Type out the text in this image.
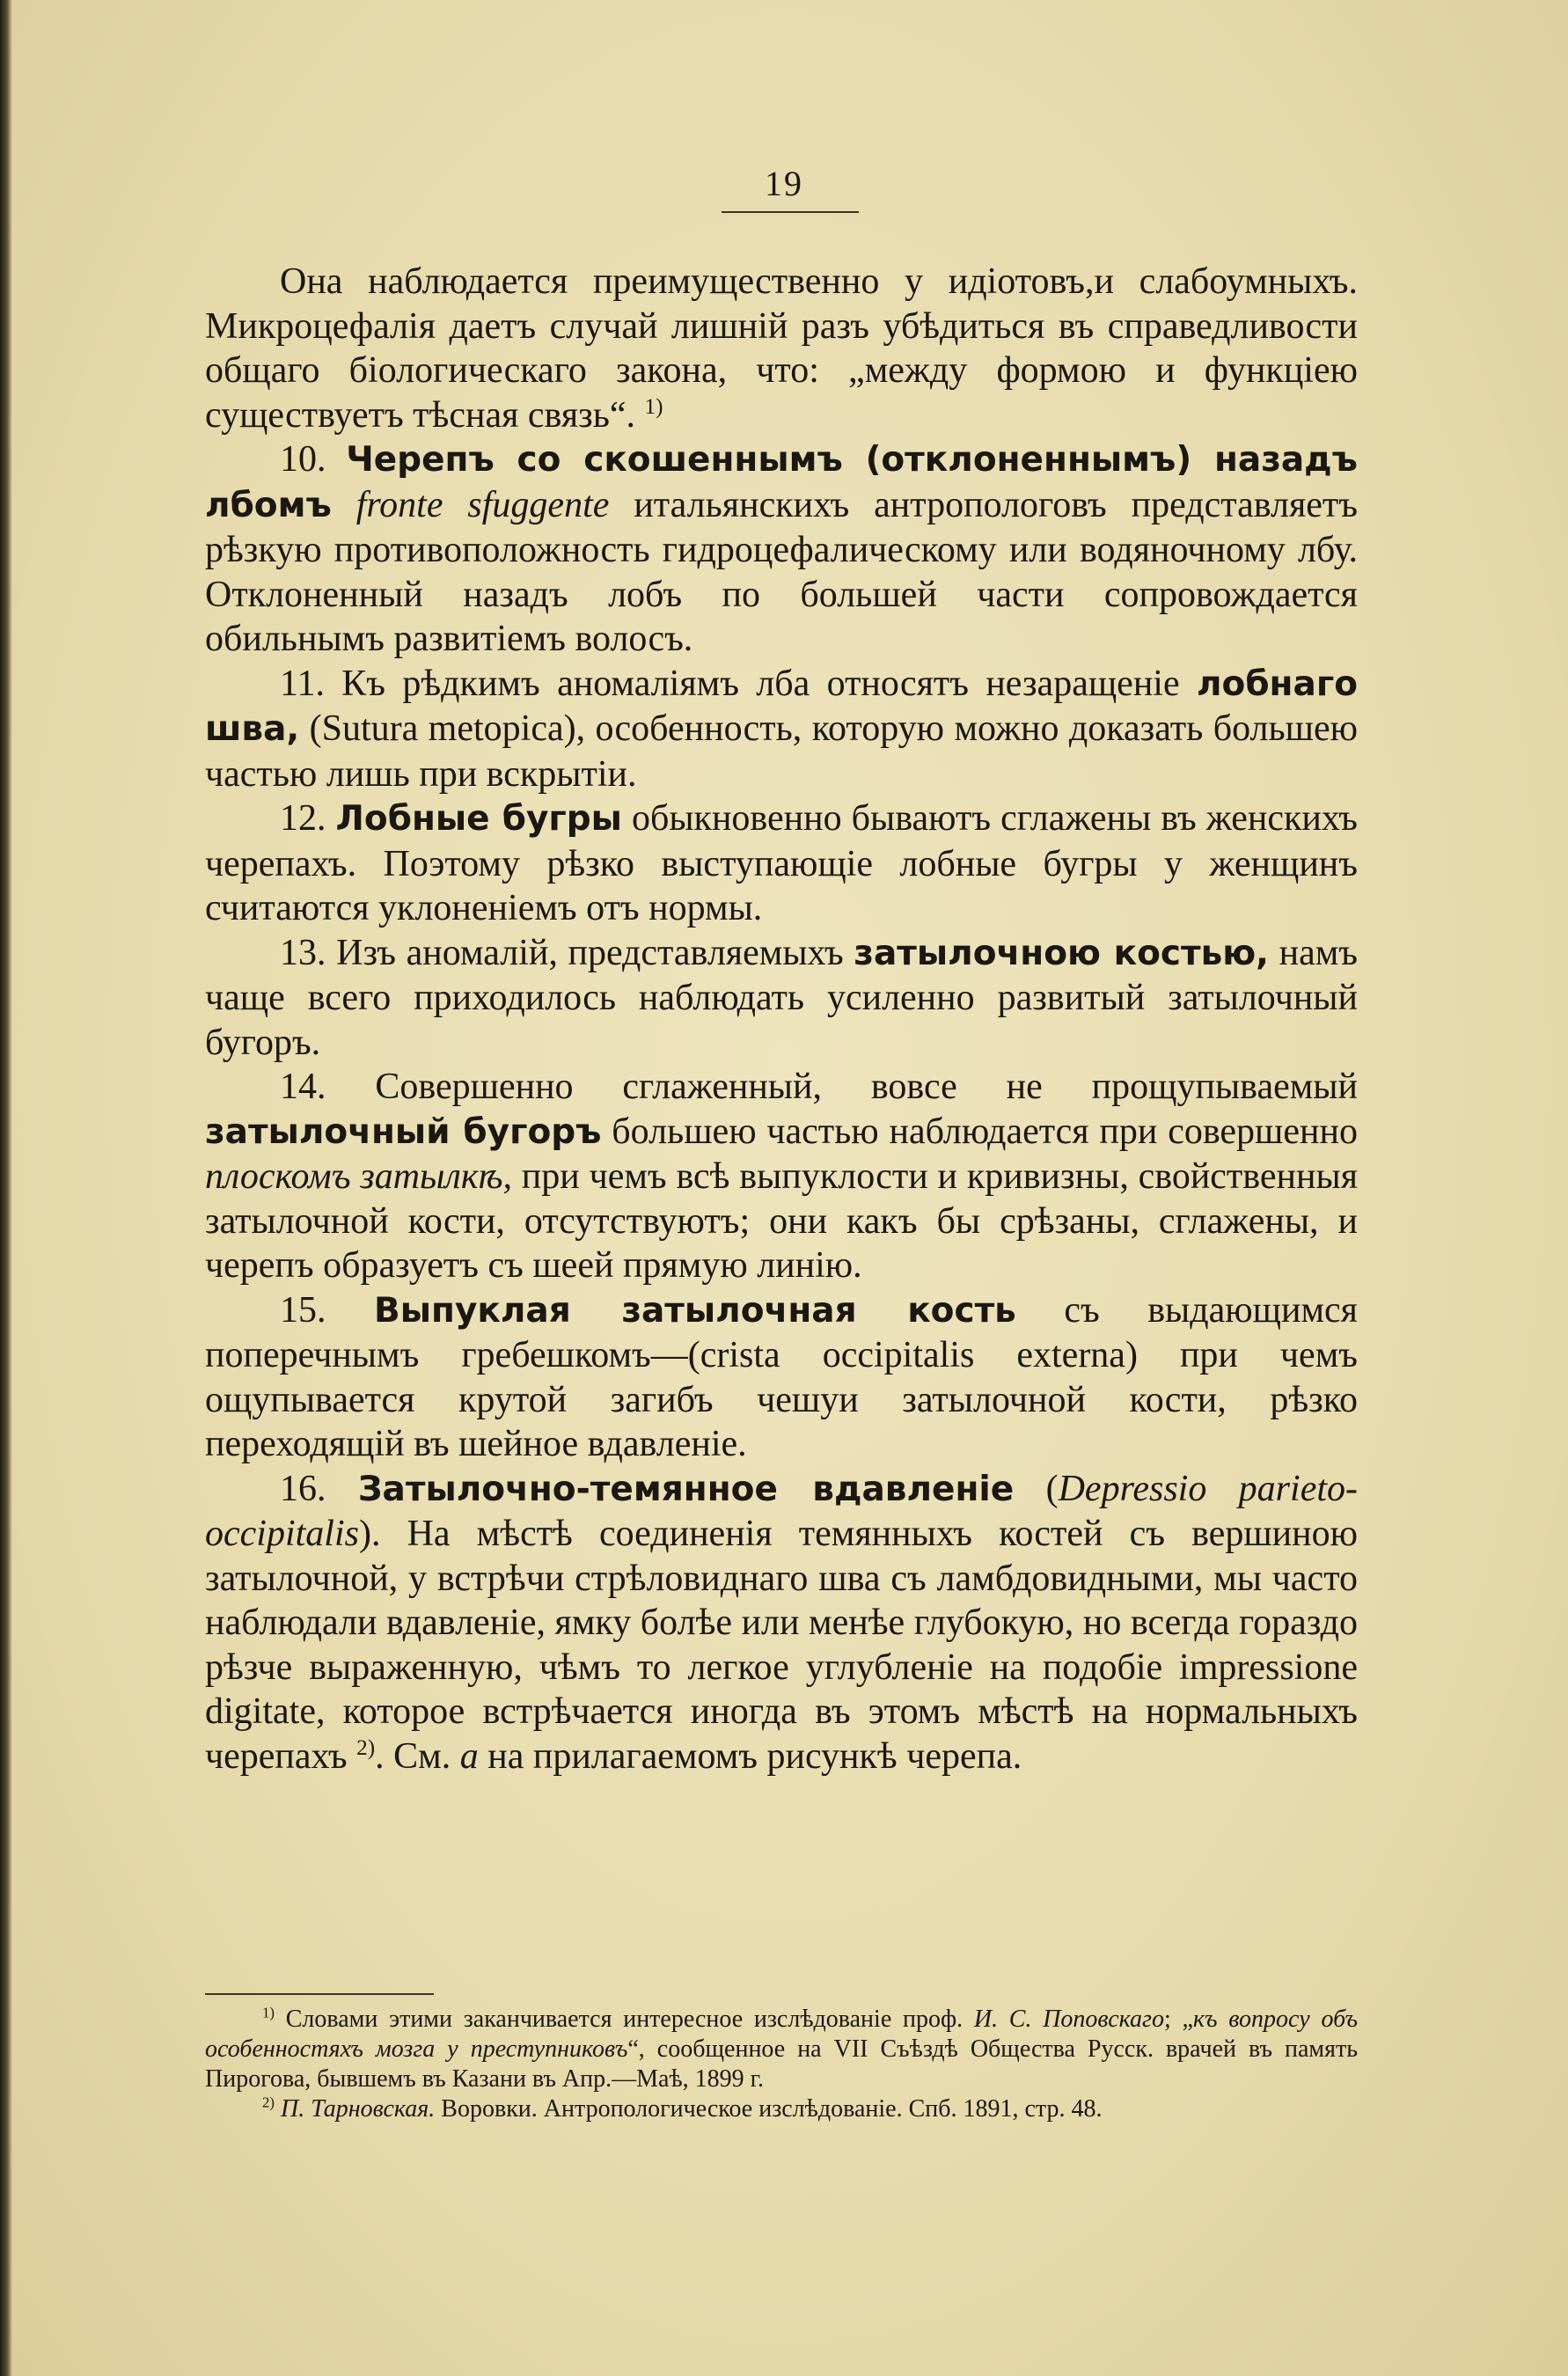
19

Она наблюдается преимущественно у идіотовъ,и слабоумныхъ. Микроцефалія даетъ случай лишній разъ убѣдиться въ справедливости общаго біологическаго закона, что: „между формою и функціею существуетъ тѣсная связь“. $^{1)}$

10. Черепъ со скошеннымъ (отклоненнымъ) назадъ лбомъ fronte sfuggente итальянскихъ антропологовъ представляетъ рѣзкую противоположность гидроцефалическому или водяночному лбу. Отклоненный назадъ лобъ по большей части сопровождается обильнымъ развитіемъ волосъ.

11. Къ рѣдкимъ аномаліямъ лба относятъ незаращеніе лобнаго шва, (Sutura metopica), особенность, которую можно доказать большею частью лишь при вскрытіи.

12. Лобные бугры обыкновенно бываютъ сглажены въ женскихъ черепахъ. Поэтому рѣзко выступающіе лобные бугры у женщинъ считаются уклоненіемъ отъ нормы.

13. Изъ аномалій, представляемыхъ затылочною костью, намъ чаще всего приходилось наблюдать усиленно развитый затылочный бугоръ.

14. Совершенно сглаженный, вовсе не прощупываемый затылочный бугоръ большею частью наблюдается при совершенно плоскомъ затылкѣ, при чемъ всѣ выпуклости и кривизны, свойственныя затылочной кости, отсутствуютъ; они какъ бы срѣзаны, сглажены, и черепъ образуетъ съ шеей прямую линію.

15. Выпуклая затылочная кость съ выдающимся поперечнымъ гребешкомъ—(crista occipitalis externa) при чемъ ощупывается крутой загибъ чешуи затылочной кости, рѣзко переходящій въ шейное вдавленіе.

16. Затылочно-темянное вдавленіе (Depressio parieto-occipitalis). На мѣстѣ соединенія темянныхъ костей съ вершиною затылочной, у встрѣчи стрѣловиднаго шва съ ламбдовидными, мы часто наблюдали вдавленіе, ямку болѣе или менѣе глубокую, но всегда гораздо рѣзче выраженную, чѣмъ то легкое углубленіе на подобіе impressione digitate, которое встрѣчается иногда въ этомъ мѣстѣ на нормальныхъ черепахъ $^{2)}$. См. a на прилагаемомъ рисункѣ черепа.

$^{1)}$ Словами этими заканчивается интересное изслѣдованіе проф. И. С. Поповскаго; „къ вопросу объ особенностяхъ мозга у преступниковъ“, сообщенное на VII Съѣздѣ Общества Русск. врачей въ память Пирогова, бывшемъ въ Казани въ Апр.—Маѣ, 1899 г.

$^{2)}$ П. Тарновская. Воровки. Антропологическое изслѣдованіе. Спб. 1891, стр. 48.
